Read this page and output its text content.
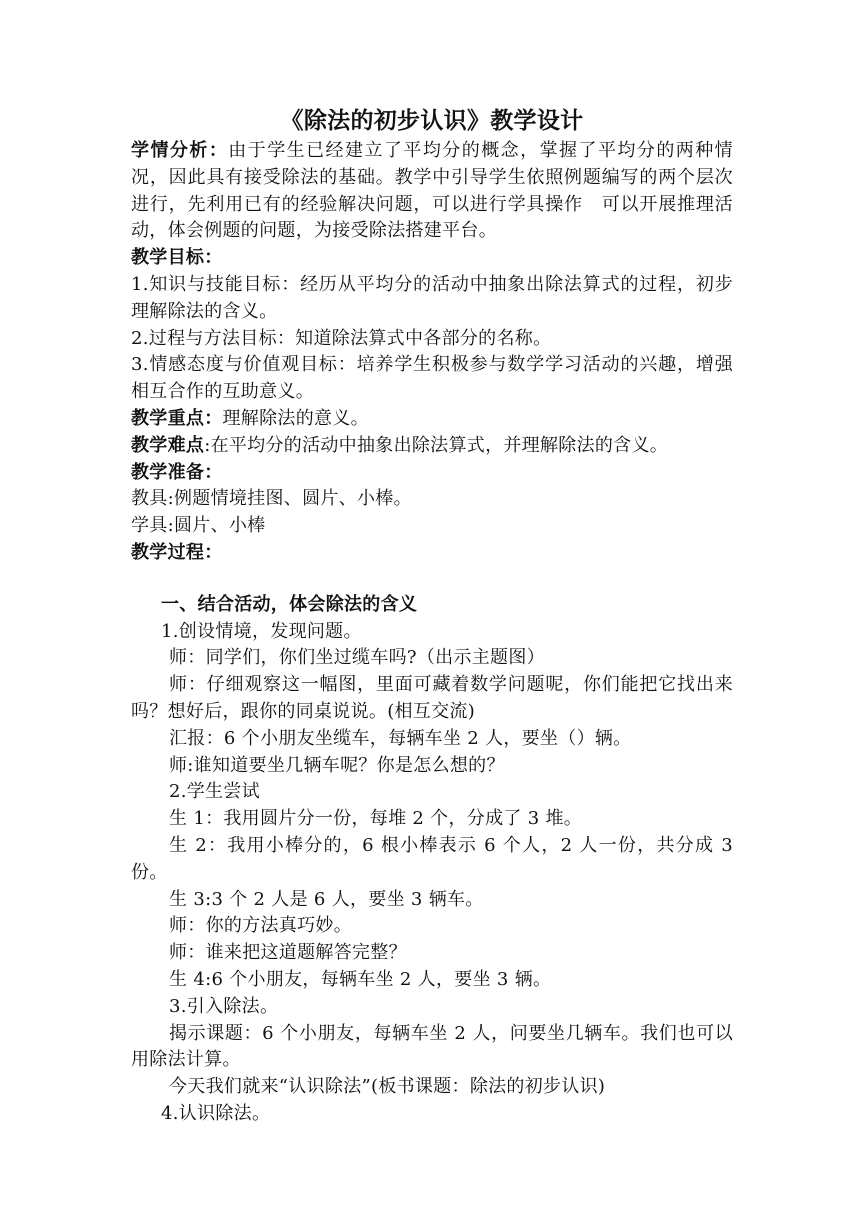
《除法的初步认识》教学设计

学情分析：由于学生已经建立了平均分的概念，掌握了平均分的两种情况，因此具有接受除法的基础。教学中引导学生依照例题编写的两个层次进行，先利用已有的经验解决问题，可以进行学具操作　可以开展推理活动，体会例题的问题，为接受除法搭建平台。

教学目标：

1.知识与技能目标：经历从平均分的活动中抽象出除法算式的过程，初步理解除法的含义。

2.过程与方法目标：知道除法算式中各部分的名称。

3.情感态度与价值观目标：培养学生积极参与数学学习活动的兴趣，增强相互合作的互助意义。

教学重点：理解除法的意义。

教学难点:在平均分的活动中抽象出除法算式，并理解除法的含义。

教学准备：

教具:例题情境挂图、圆片、小棒。

学具:圆片、小棒

教学过程：

一、结合活动，体会除法的含义

1.创设情境，发现问题。

师：同学们，你们坐过缆车吗?（出示主题图）

师：仔细观察这一幅图，里面可藏着数学问题呢，你们能把它找出来吗？想好后，跟你的同桌说说。(相互交流)

汇报：6 个小朋友坐缆车，每辆车坐 2 人，要坐（）辆。

师:谁知道要坐几辆车呢？你是怎么想的？

2.学生尝试

生 1：我用圆片分一份，每堆 2 个，分成了 3 堆。

生 2：我用小棒分的，6 根小棒表示 6 个人，2 人一份，共分成 3 份。

生 3:3 个 2 人是 6 人，要坐 3 辆车。

师：你的方法真巧妙。

师：谁来把这道题解答完整？

生 4:6 个小朋友，每辆车坐 2 人，要坐 3 辆。

3.引入除法。

揭示课题：6 个小朋友，每辆车坐 2 人，问要坐几辆车。我们也可以用除法计算。

今天我们就来“认识除法”(板书课题：除法的初步认识)

4.认识除法。
